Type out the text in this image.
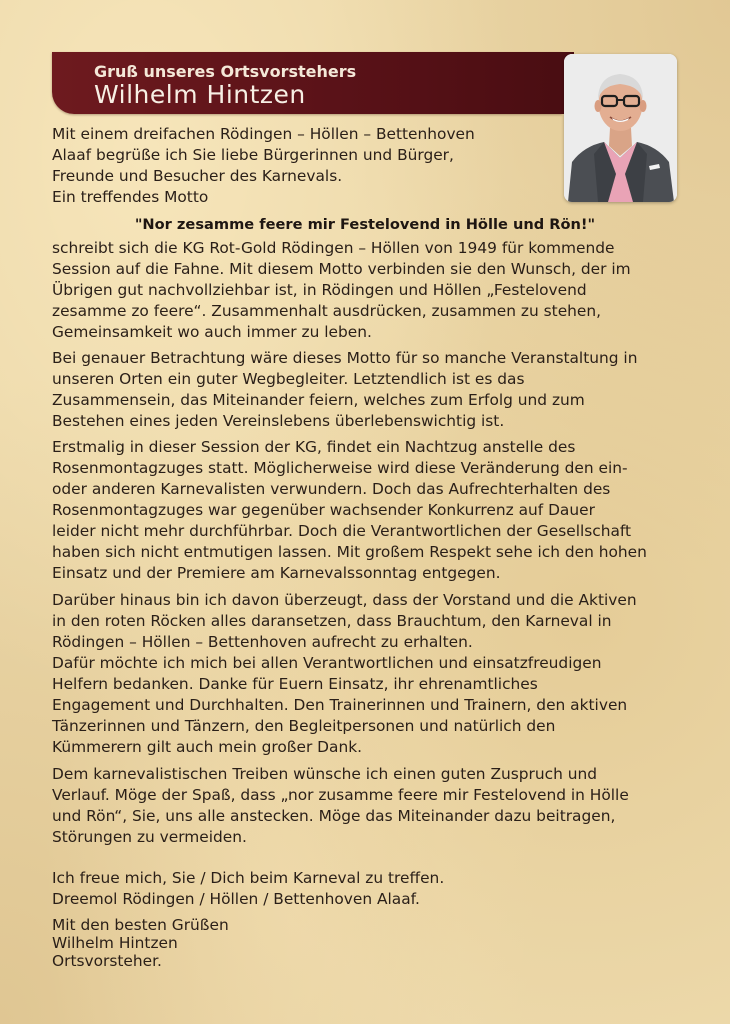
Gruß unseres Ortsvorstehers
Wilhelm Hintzen
Mit einem dreifachen Rödingen – Höllen – Bettenhoven
Alaaf begrüße ich Sie liebe Bürgerinnen und Bürger,
Freunde und Besucher des Karnevals.
Ein treffendes Motto
"Nor zesamme feere mir Festelovend in Hölle und Rön!"
schreibt sich die KG Rot-Gold Rödingen – Höllen von 1949 für kommende
Session auf die Fahne. Mit diesem Motto verbinden sie den Wunsch, der im
Übrigen gut nachvollziehbar ist, in Rödingen und Höllen „Festelovend
zesamme zo feere“. Zusammenhalt ausdrücken, zusammen zu stehen,
Gemeinsamkeit wo auch immer zu leben.
Bei genauer Betrachtung wäre dieses Motto für so manche Veranstaltung in
unseren Orten ein guter Wegbegleiter. Letztendlich ist es das
Zusammensein, das Miteinander feiern, welches zum Erfolg und zum
Bestehen eines jeden Vereinslebens überlebenswichtig ist.
Erstmalig in dieser Session der KG, findet ein Nachtzug anstelle des
Rosenmontagzuges statt. Möglicherweise wird diese Veränderung den ein-
oder anderen Karnevalisten verwundern. Doch das Aufrechterhalten des
Rosenmontagzuges war gegenüber wachsender Konkurrenz auf Dauer
leider nicht mehr durchführbar. Doch die Verantwortlichen der Gesellschaft
haben sich nicht entmutigen lassen. Mit großem Respekt sehe ich den hohen
Einsatz und der Premiere am Karnevalssonntag entgegen.
Darüber hinaus bin ich davon überzeugt, dass der Vorstand und die Aktiven
in den roten Röcken alles daransetzen, dass Brauchtum, den Karneval in
Rödingen – Höllen – Bettenhoven aufrecht zu erhalten.
Dafür möchte ich mich bei allen Verantwortlichen und einsatzfreudigen
Helfern bedanken. Danke für Euern Einsatz, ihr ehrenamtliches
Engagement und Durchhalten. Den Trainerinnen und Trainern, den aktiven
Tänzerinnen und Tänzern, den Begleitpersonen und natürlich den
Kümmerern gilt auch mein großer Dank.
Dem karnevalistischen Treiben wünsche ich einen guten Zuspruch und
Verlauf. Möge der Spaß, dass „nor zusamme feere mir Festelovend in Hölle
und Rön“, Sie, uns alle anstecken. Möge das Miteinander dazu beitragen,
Störungen zu vermeiden.
Ich freue mich, Sie / Dich beim Karneval zu treffen.
Dreemol Rödingen / Höllen / Bettenhoven Alaaf.
Mit den besten Grüßen
Wilhelm Hintzen
Ortsvorsteher.
